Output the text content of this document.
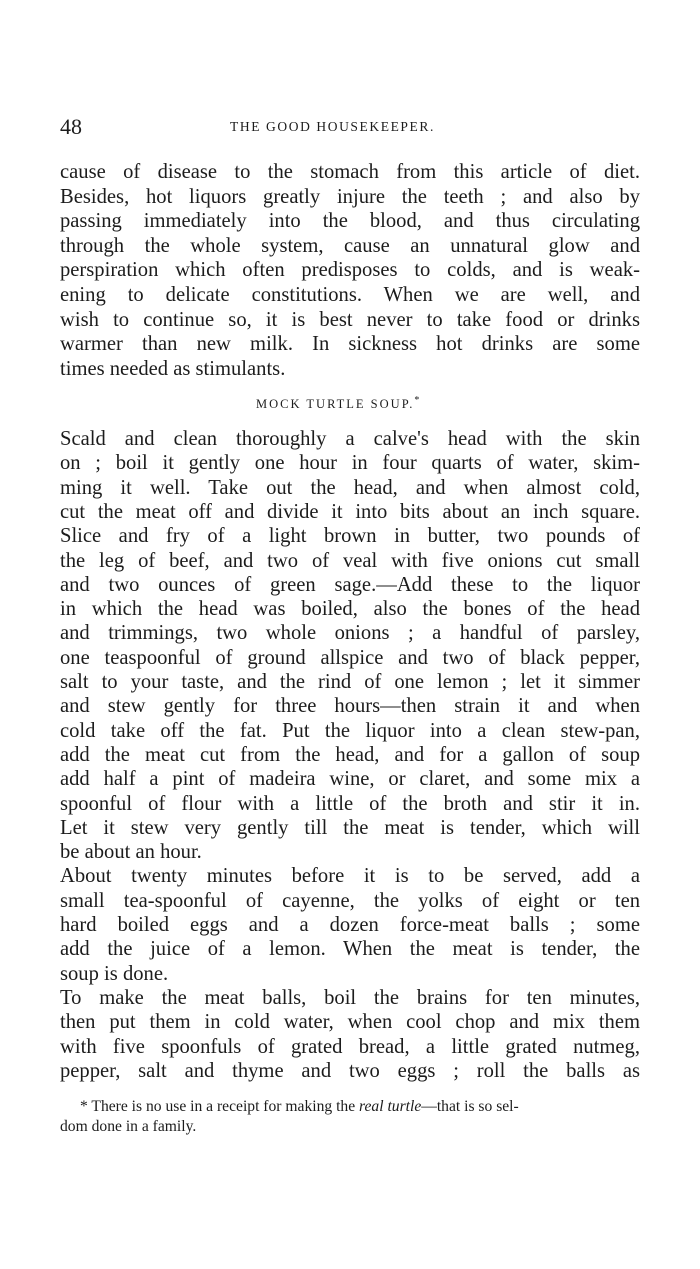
48	THE GOOD HOUSEKEEPER.
cause of disease to the stomach from this article of diet.
Besides, hot liquors greatly injure the teeth ; and also by
passing immediately into the blood, and thus circulating
through the whole system, cause an unnatural glow and
perspiration which often predisposes to colds, and is weak-
ening to delicate constitutions. When we are well, and
wish to continue so, it is best never to take food or drinks
warmer than new milk. In sickness hot drinks are some
times needed as stimulants.
MOCK TURTLE SOUP.*
Scald and clean thoroughly a calve's head with the skin
on ; boil it gently one hour in four quarts of water, skim-
ming it well. Take out the head, and when almost cold,
cut the meat off and divide it into bits about an inch square.
Slice and fry of a light brown in butter, two pounds of
the leg of beef, and two of veal with five onions cut small
and two ounces of green sage.—Add these to the liquor
in which the head was boiled, also the bones of the head
and trimmings, two whole onions ; a handful of parsley,
one teaspoonful of ground allspice and two of black pepper,
salt to your taste, and the rind of one lemon ; let it simmer
and stew gently for three hours—then strain it and when
cold take off the fat. Put the liquor into a clean stew-pan,
add the meat cut from the head, and for a gallon of soup
add half a pint of madeira wine, or claret, and some mix a
spoonful of flour with a little of the broth and stir it in.
Let it stew very gently till the meat is tender, which will
be about an hour.
About twenty minutes before it is to be served, add a
small tea-spoonful of cayenne, the yolks of eight or ten
hard boiled eggs and a dozen force-meat balls ; some
add the juice of a lemon. When the meat is tender, the
soup is done.
To make the meat balls, boil the brains for ten minutes,
then put them in cold water, when cool chop and mix them
with five spoonfuls of grated bread, a little grated nutmeg,
pepper, salt and thyme and two eggs ; roll the balls as
* There is no use in a receipt for making the real turtle—that is so sel-
dom done in a family.
